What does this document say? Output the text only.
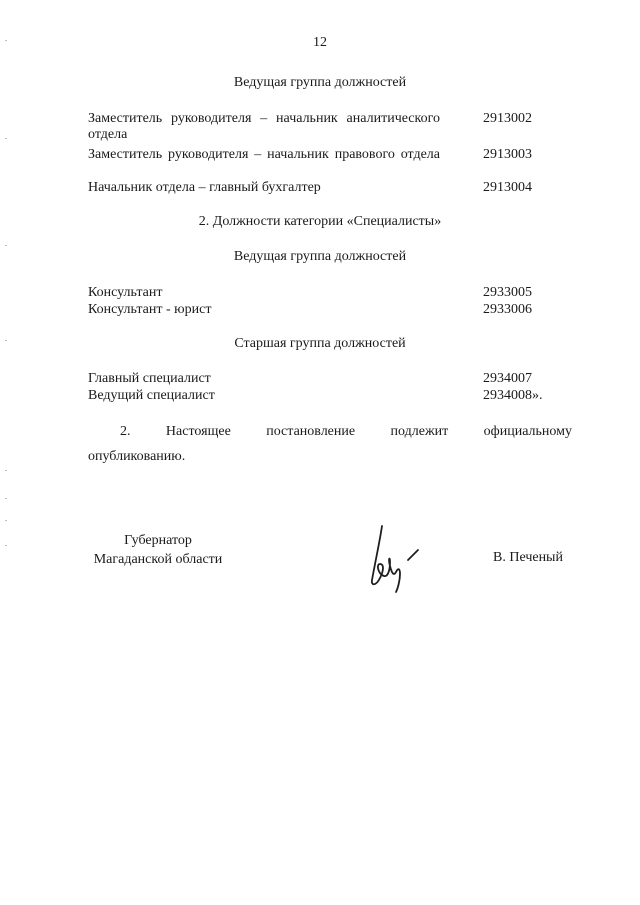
12
Ведущая группа должностей
Заместитель руководителя – начальник аналитического отдела
2913002
Заместитель руководителя – начальник правового отдела	2913003
Начальник отдела – главный бухгалтер	2913004
2. Должности категории «Специалисты»
Ведущая группа должностей
Консультант	2933005
Консультант - юрист	2933006
Старшая группа должностей
Главный специалист	2934007
Ведущий специалист	2934008».
2. Настоящее постановление подлежит официальному
опубликованию.
Губернатор Магаданской области	В. Печеный
